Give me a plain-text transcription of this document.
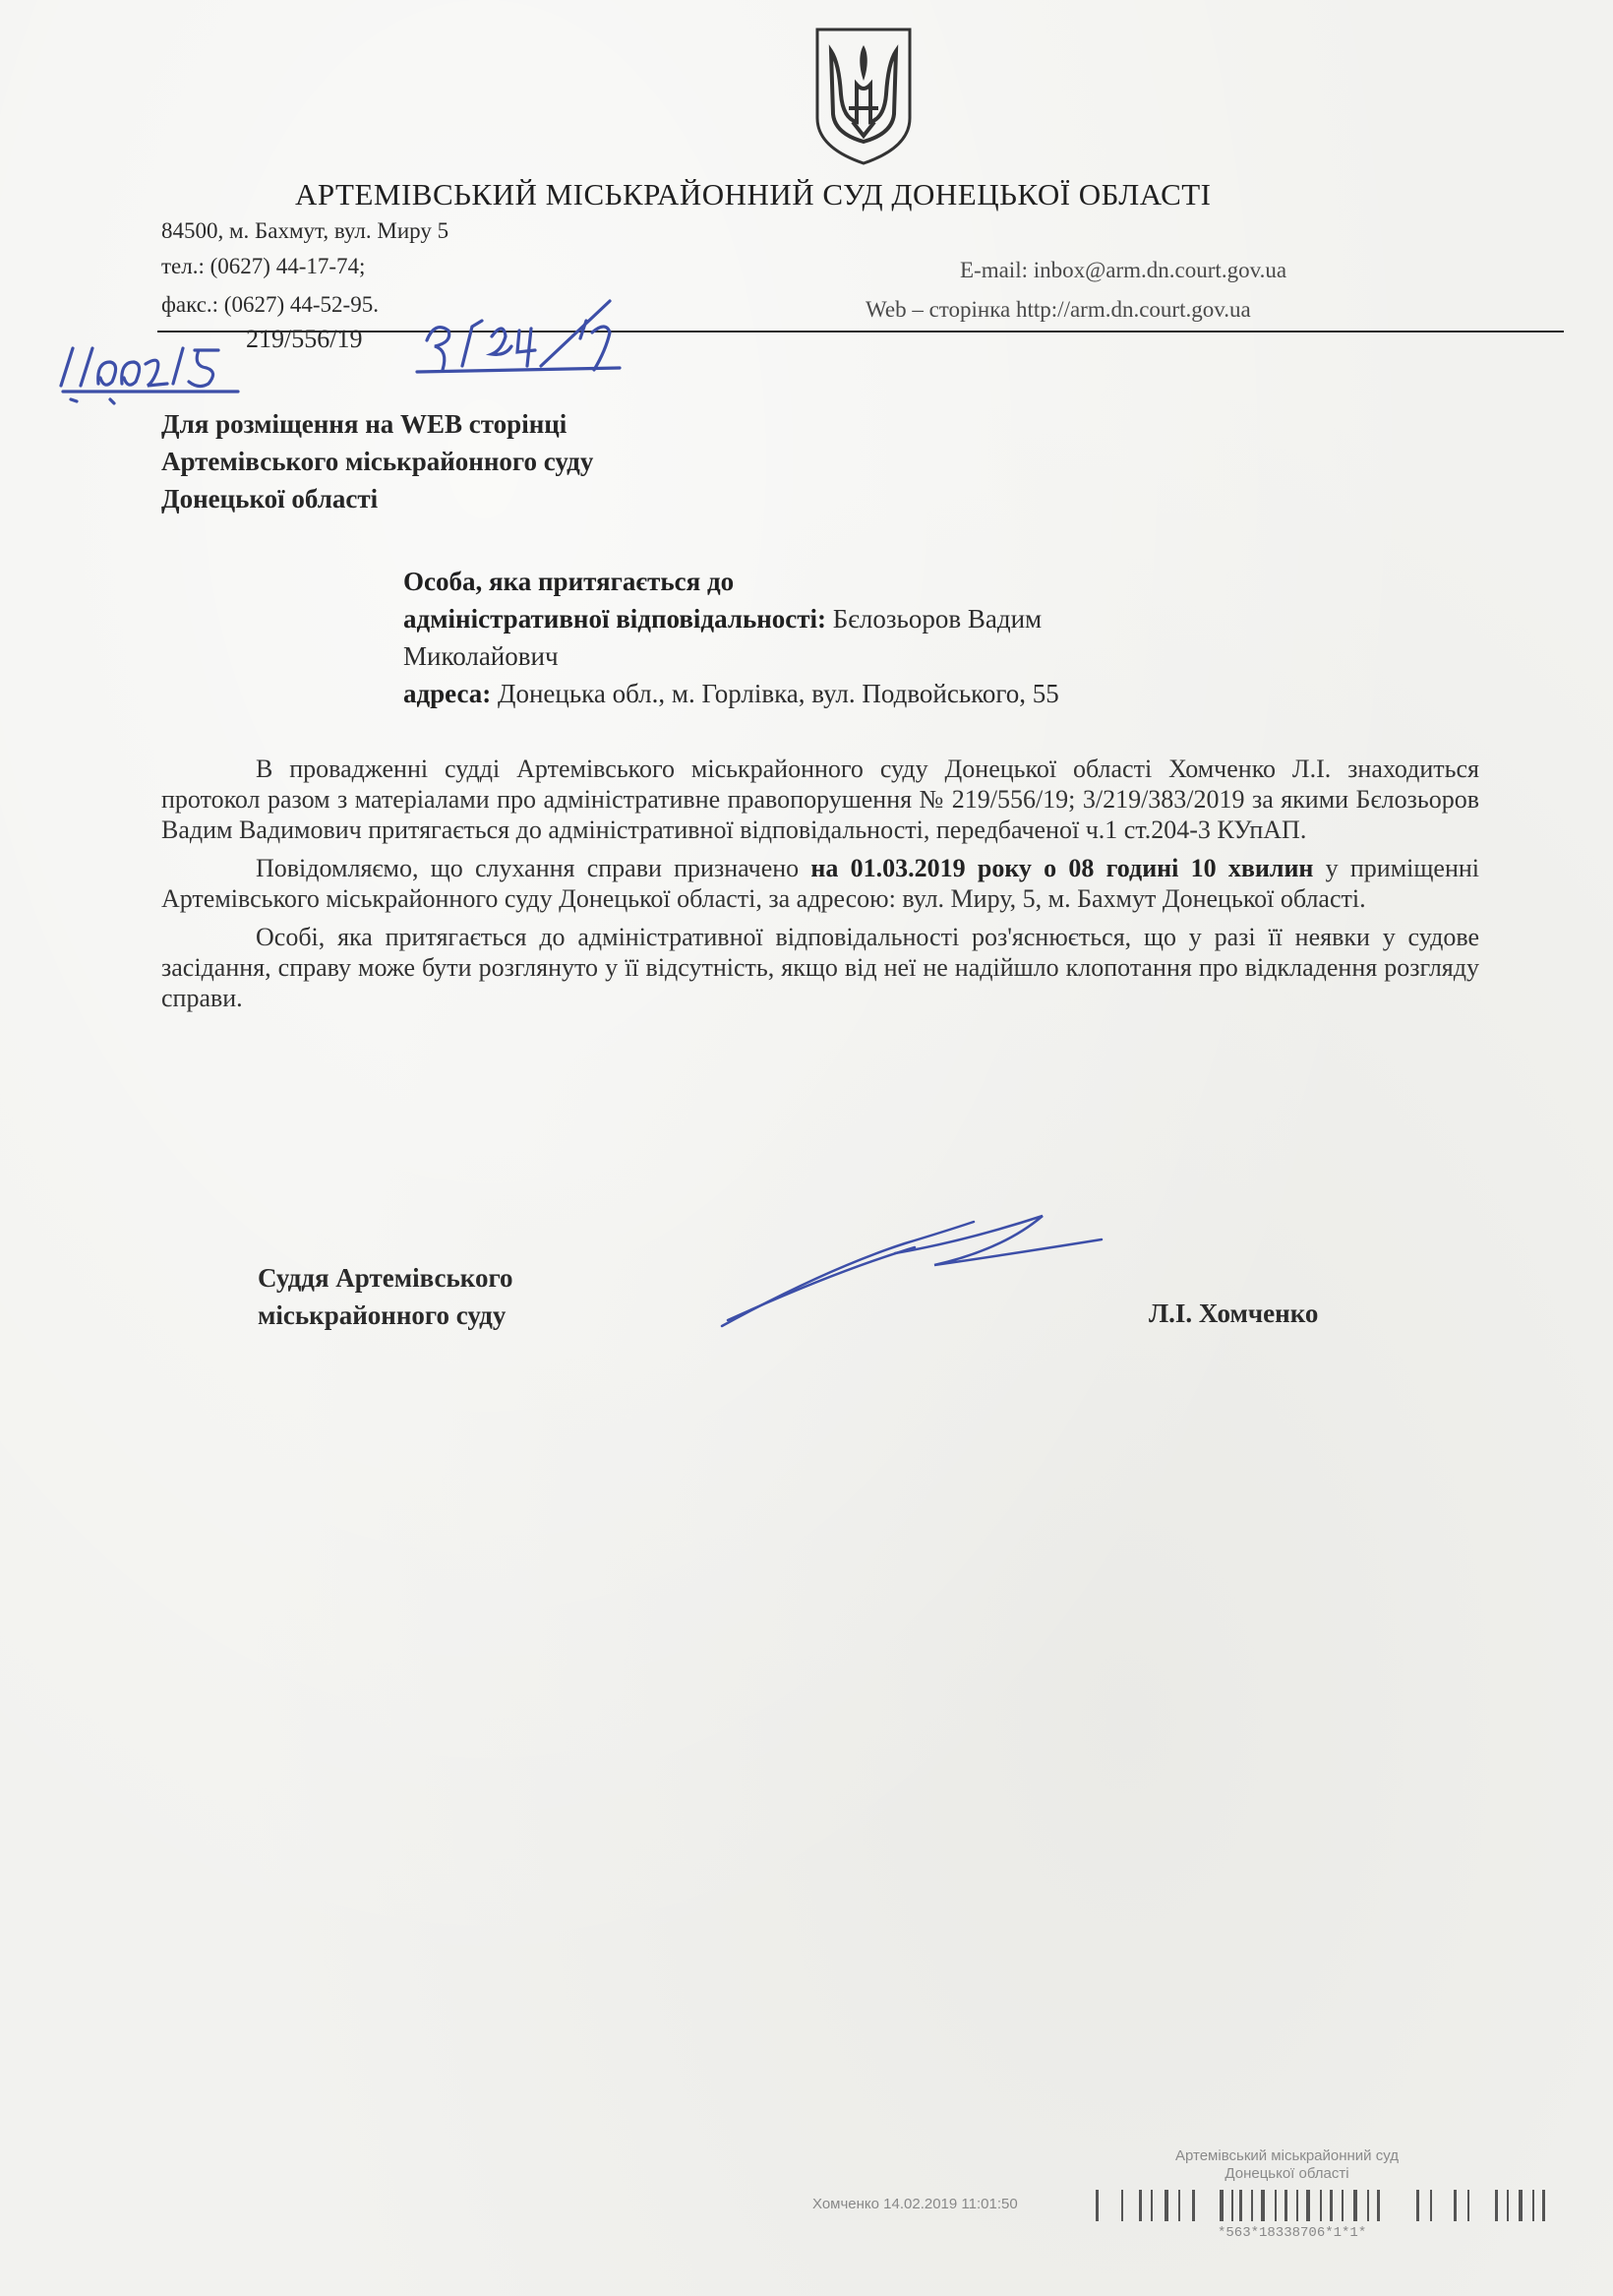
АРТЕМІВСЬКИЙ МІСЬКРАЙОННИЙ СУД ДОНЕЦЬКОЇ ОБЛАСТІ
84500, м. Бахмут, вул. Миру 5
тел.: (0627) 44-17-74;
факс.: (0627) 44-52-95.
E-mail: inbox@arm.dn.court.gov.ua
Web – сторінка http://arm.dn.court.gov.ua
219/556/19
Для розміщення на WEB сторінці
Артемівського міськрайонного суду
Донецької області
Особа, яка притягається до
адміністративної відповідальності: Бєлозьоров Вадим
Миколайович
адреса: Донецька обл., м. Горлівка, вул. Подвойського, 55

В провадженні судді Артемівського міськрайонного суду Донецької області Хомченко Л.І. знаходиться протокол разом з матеріалами про адміністративне правопорушення № 219/556/19; 3/219/383/2019 за якими Бєлозьоров Вадим Вадимович притягається до адміністративної відповідальності, передбаченої ч.1 ст.204-3 КУпАП.

Повідомляємо, що слухання справи призначено на 01.03.2019 року о 08 годині 10 хвилин у приміщенні Артемівського міськрайонного суду Донецької області, за адресою: вул. Миру, 5, м. Бахмут Донецької області.

Особі, яка притягається до адміністративної відповідальності роз'яснюється, що у разі її неявки у судове засідання, справу може бути розглянуто у її відсутність, якщо від неї не надійшло клопотання про відкладення розгляду справи.

Суддя Артемівського
міськрайонного суду	Л.І. Хомченко
Артемівський міськрайонний суд
Донецької області
Хомченко 14.02.2019 11:01:50
*563*18338706*1*1*
